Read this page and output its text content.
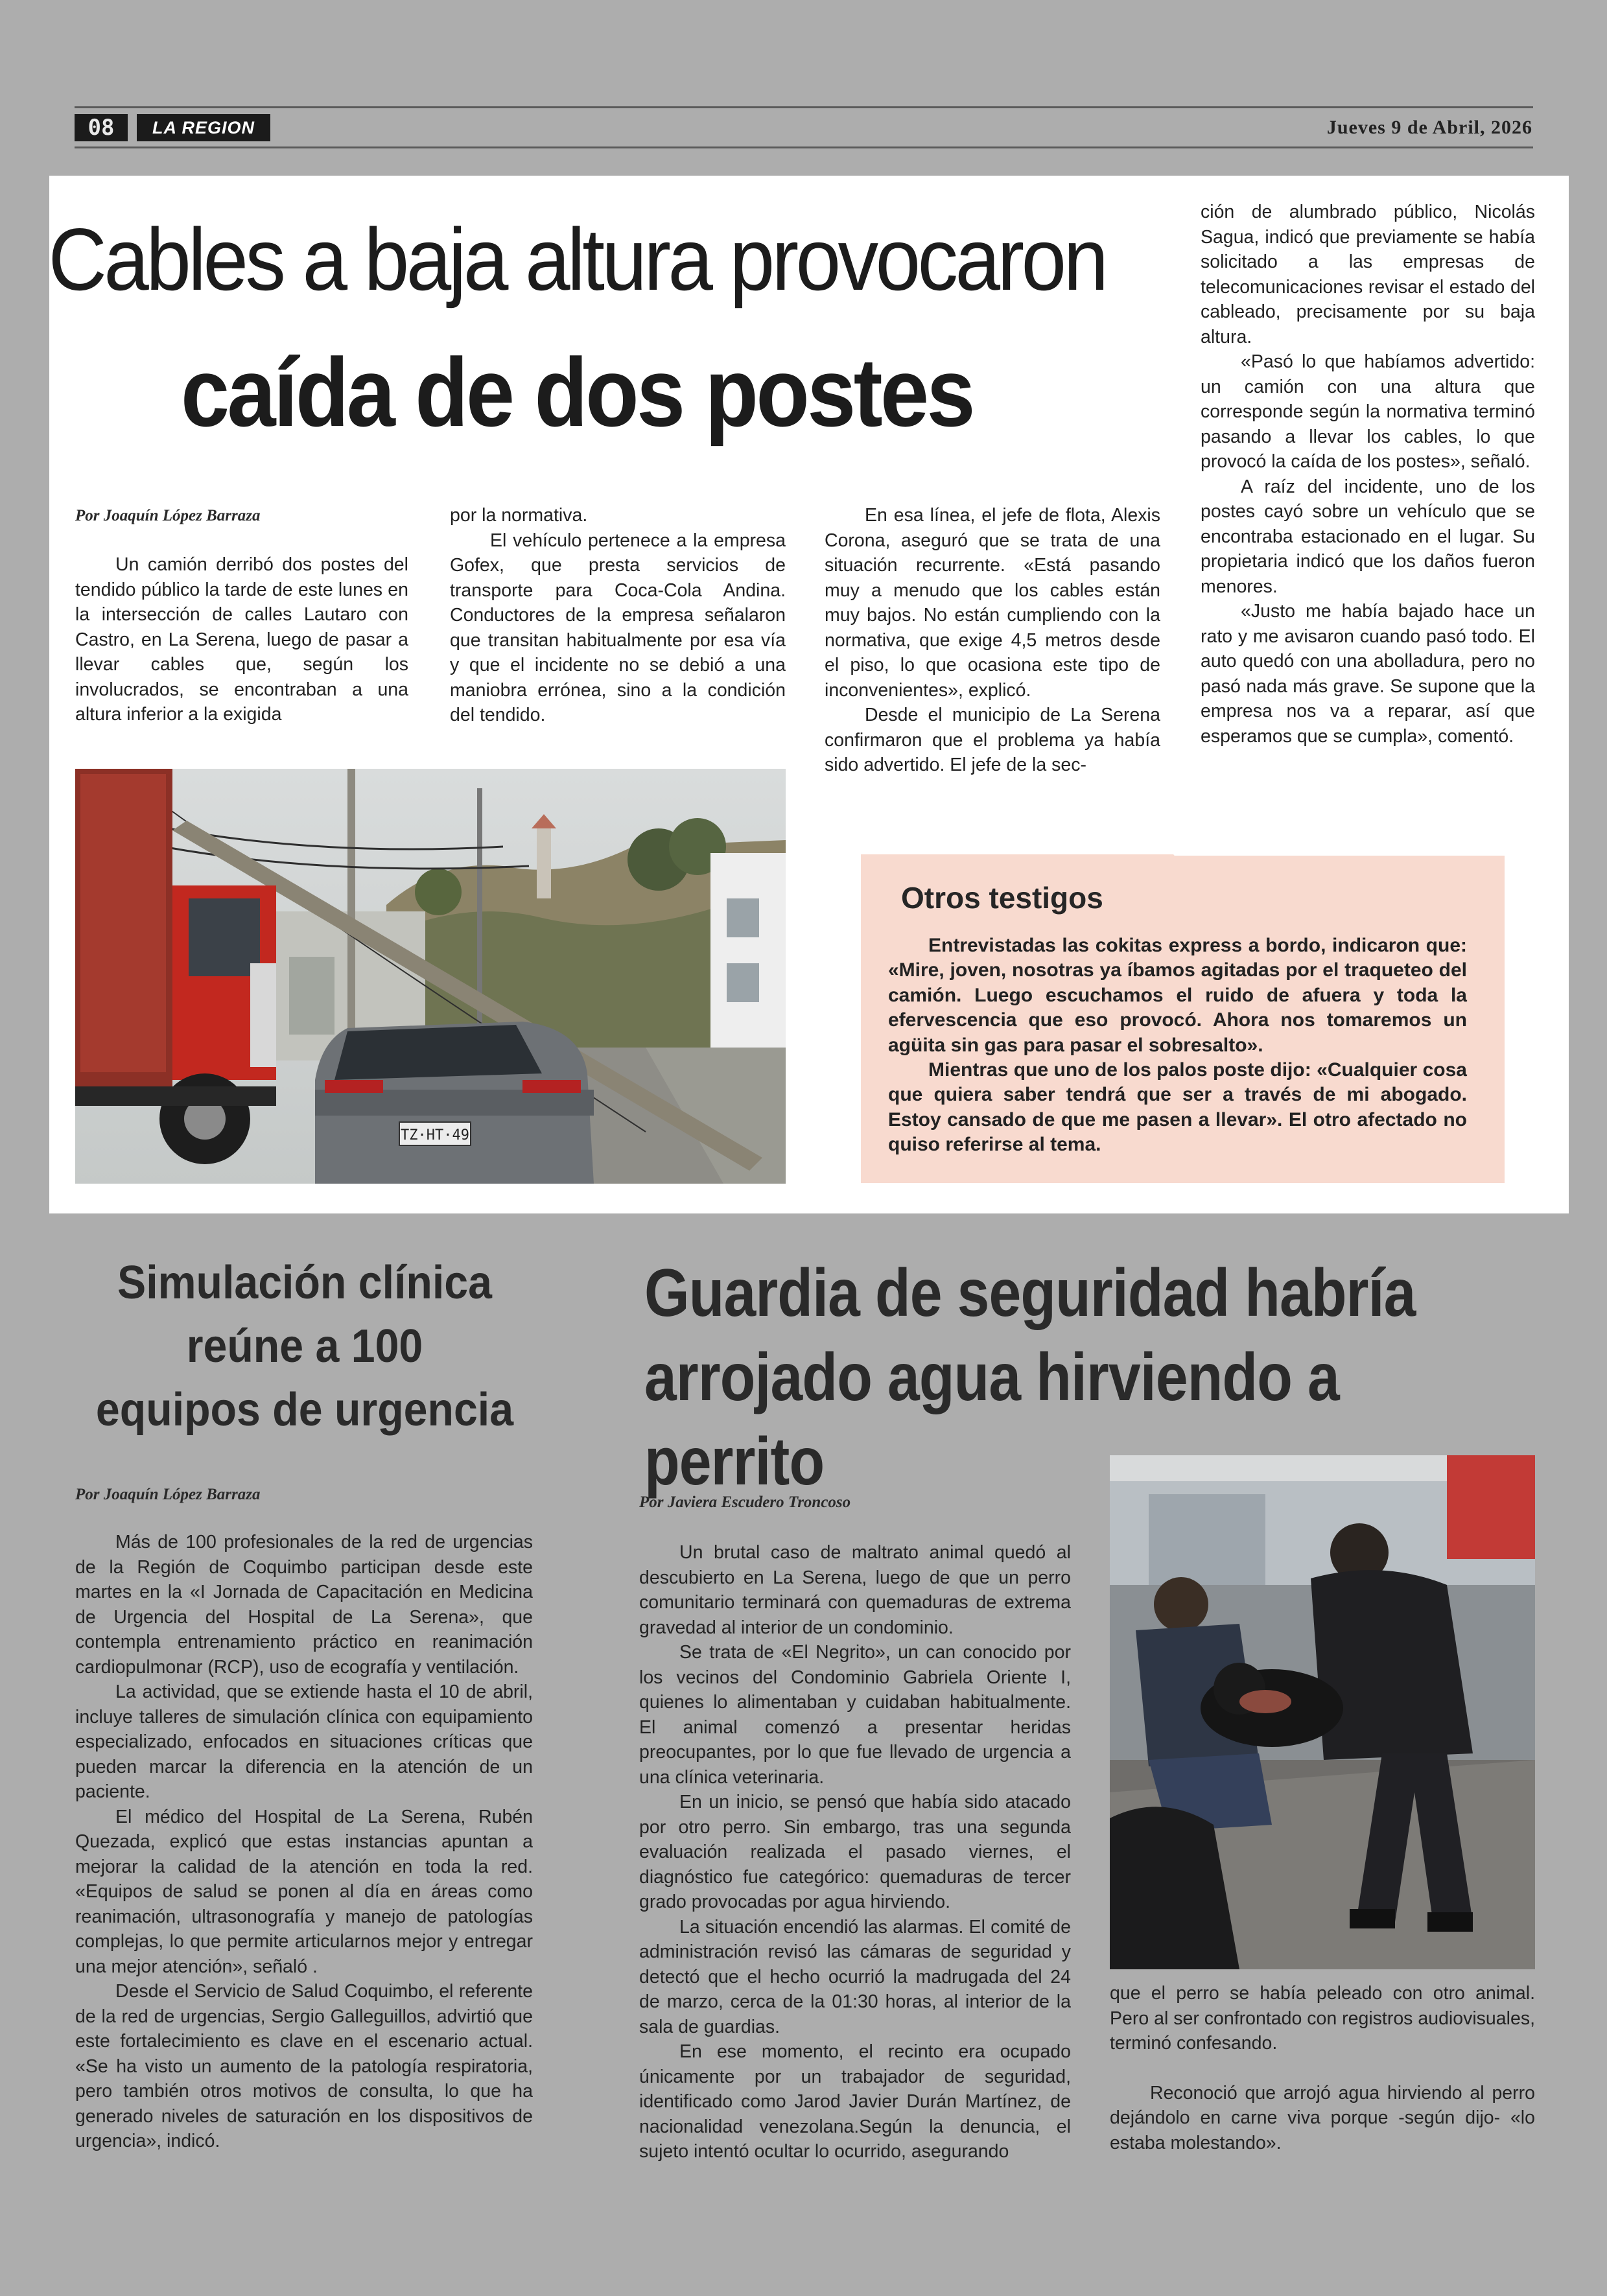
08	LA REGION	Jueves 9 de Abril, 2026
Cables a baja altura provocaron
caída de dos postes
Por Joaquín López Barraza

Un camión derribó dos postes del tendido público la tarde de este lunes en la intersección de calles Lautaro con Castro, en La Serena, luego de pasar a llevar cables que, según los involucrados, se encontraban a una altura inferior a la exigida

por la normativa.

El vehículo pertenece a la empresa Gofex, que presta servicios de transporte para Coca-Cola Andina. Conductores de la empresa señalaron que transitan habitualmente por esa vía y que el incidente no se debió a una maniobra errónea, sino a la condición del tendido.

En esa línea, el jefe de flota, Alexis Corona, aseguró que se trata de una situación recurrente. «Está pasando muy a menudo que los cables están muy bajos. No están cumpliendo con la normativa, que exige 4,5 metros desde el piso, lo que ocasiona este tipo de inconvenientes», explicó.

Desde el municipio de La Serena confirmaron que el problema ya había sido advertido. El jefe de la sec-

ción de alumbrado público, Nicolás Sagua, indicó que previamente se había solicitado a las empresas de telecomunicaciones revisar el estado del cableado, precisamente por su baja altura.

«Pasó lo que habíamos advertido: un camión con una altura que corresponde según la normativa terminó pasando a llevar los cables, lo que provocó la caída de los postes», señaló.

A raíz del incidente, uno de los postes cayó sobre un vehículo que se encontraba estacionado en el lugar. Su propietaria indicó que los daños fueron menores.

«Justo me había bajado hace un rato y me avisaron cuando pasó todo. El auto quedó con una abolladura, pero no pasó nada más grave. Se supone que la empresa nos va a reparar, así que esperamos que se cumpla», comentó.

TZ·HT·49
Otros testigos

Entrevistadas las cokitas express a bordo, indicaron que: «Mire, joven, nosotras ya íbamos agitadas por el traqueteo del camión. Luego escuchamos el ruido de afuera y toda la efervescencia que eso provocó. Ahora nos tomaremos un agüita sin gas para pasar el sobresalto».

Mientras que uno de los palos poste dijo: «Cualquier cosa que quiera saber tendrá que ser a través de mi abogado. Estoy cansado de que me pasen a llevar». El otro afectado no quiso referirse al tema.

Simulación clínica
reúne a 100
equipos de urgencia
Por Joaquín López Barraza

Más de 100 profesionales de la red de urgencias de la Región de Coquimbo participan desde este martes en la «I Jornada de Capacitación en Medicina de Urgencia del Hospital de La Serena», que contempla entrenamiento práctico en reanimación cardiopulmonar (RCP), uso de ecografía y ventilación.

La actividad, que se extiende hasta el 10 de abril, incluye talleres de simulación clínica con equipamiento especializado, enfocados en situaciones críticas que pueden marcar la diferencia en la atención de un paciente.

El médico del Hospital de La Serena, Rubén Quezada, explicó que estas instancias apuntan a mejorar la calidad de la atención en toda la red. «Equipos de salud se ponen al día en áreas como reanimación, ultrasonografía y manejo de patologías complejas, lo que permite articularnos mejor y entregar una mejor atención», señaló .

Desde el Servicio de Salud Coquimbo, el referente de la red de urgencias, Sergio Galleguillos, advirtió que este fortalecimiento es clave en el escenario actual. «Se ha visto un aumento de la patología respiratoria, pero también otros motivos de consulta, lo que ha generado niveles de saturación en los dispositivos de urgencia», indicó.

Guardia de seguridad habría
arrojado agua hirviendo a perrito
Por Javiera Escudero Troncoso

Un brutal caso de maltrato animal quedó al descubierto en La Serena, luego de que un perro comunitario terminará con quemaduras de extrema gravedad al interior de un condominio.

Se trata de «El Negrito», un can conocido por los vecinos del Condominio Gabriela Oriente I, quienes lo alimentaban y cuidaban habitualmente. El animal comenzó a presentar heridas preocupantes, por lo que fue llevado de urgencia a una clínica veterinaria.

En un inicio, se pensó que había sido atacado por otro perro. Sin embargo, tras una segunda evaluación realizada el pasado viernes, el diagnóstico fue categórico: quemaduras de tercer grado provocadas por agua hirviendo.

La situación encendió las alarmas. El comité de administración revisó las cámaras de seguridad y detectó que el hecho ocurrió la madrugada del 24 de marzo, cerca de la 01:30 horas, al interior de la sala de guardias.

En ese momento, el recinto era ocupado únicamente por un trabajador de seguridad, identificado como Jarod Javier Durán Martínez, de nacionalidad venezolana.Según la denuncia, el sujeto intentó ocultar lo ocurrido, asegurando

que el perro se había peleado con otro animal. Pero al ser confrontado con registros audiovisuales, terminó confesando.

Reconoció que arrojó agua hirviendo al perro dejándolo en carne viva porque -según dijo- «lo estaba molestando».
